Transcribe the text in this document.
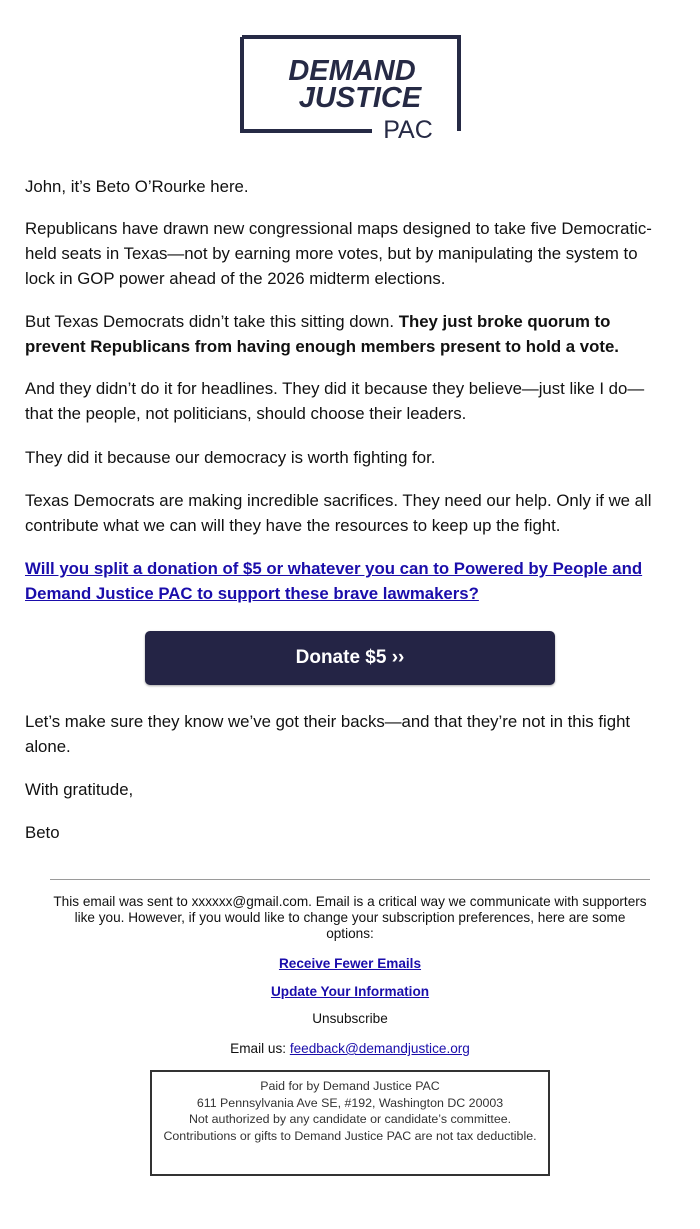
DEMAND
JUSTICE
PAC

John, it’s Beto O’Rourke here.

Republicans have drawn new congressional maps designed to take five Democratic-held seats in Texas—not by earning more votes, but by manipulating the system to lock in GOP power ahead of the 2026 midterm elections.

But Texas Democrats didn’t take this sitting down. They just broke quorum to prevent Republicans from having enough members present to hold a vote.

And they didn’t do it for headlines. They did it because they believe—just like I do—that the people, not politicians, should choose their leaders.

They did it because our democracy is worth fighting for.

Texas Democrats are making incredible sacrifices. They need our help. Only if we all contribute what we can will they have the resources to keep up the fight.

Will you split a donation of $5 or whatever you can to Powered by People and Demand Justice PAC to support these brave lawmakers?

Let’s make sure they know we’ve got their backs—and that they’re not in this fight alone.

With gratitude,

Beto

Donate $5 ››
This email was sent to xxxxxx@gmail.com. Email is a critical way we communicate with supporters like you. However, if you would like to change your subscription preferences, here are some options:
Receive Fewer Emails
Update Your Information
Unsubscribe
Email us: feedback@demandjustice.org
Paid for by Demand Justice PAC
611 Pennsylvania Ave SE, #192, Washington DC 20003
Not authorized by any candidate or candidate’s committee.
Contributions or gifts to Demand Justice PAC are not tax deductible.
